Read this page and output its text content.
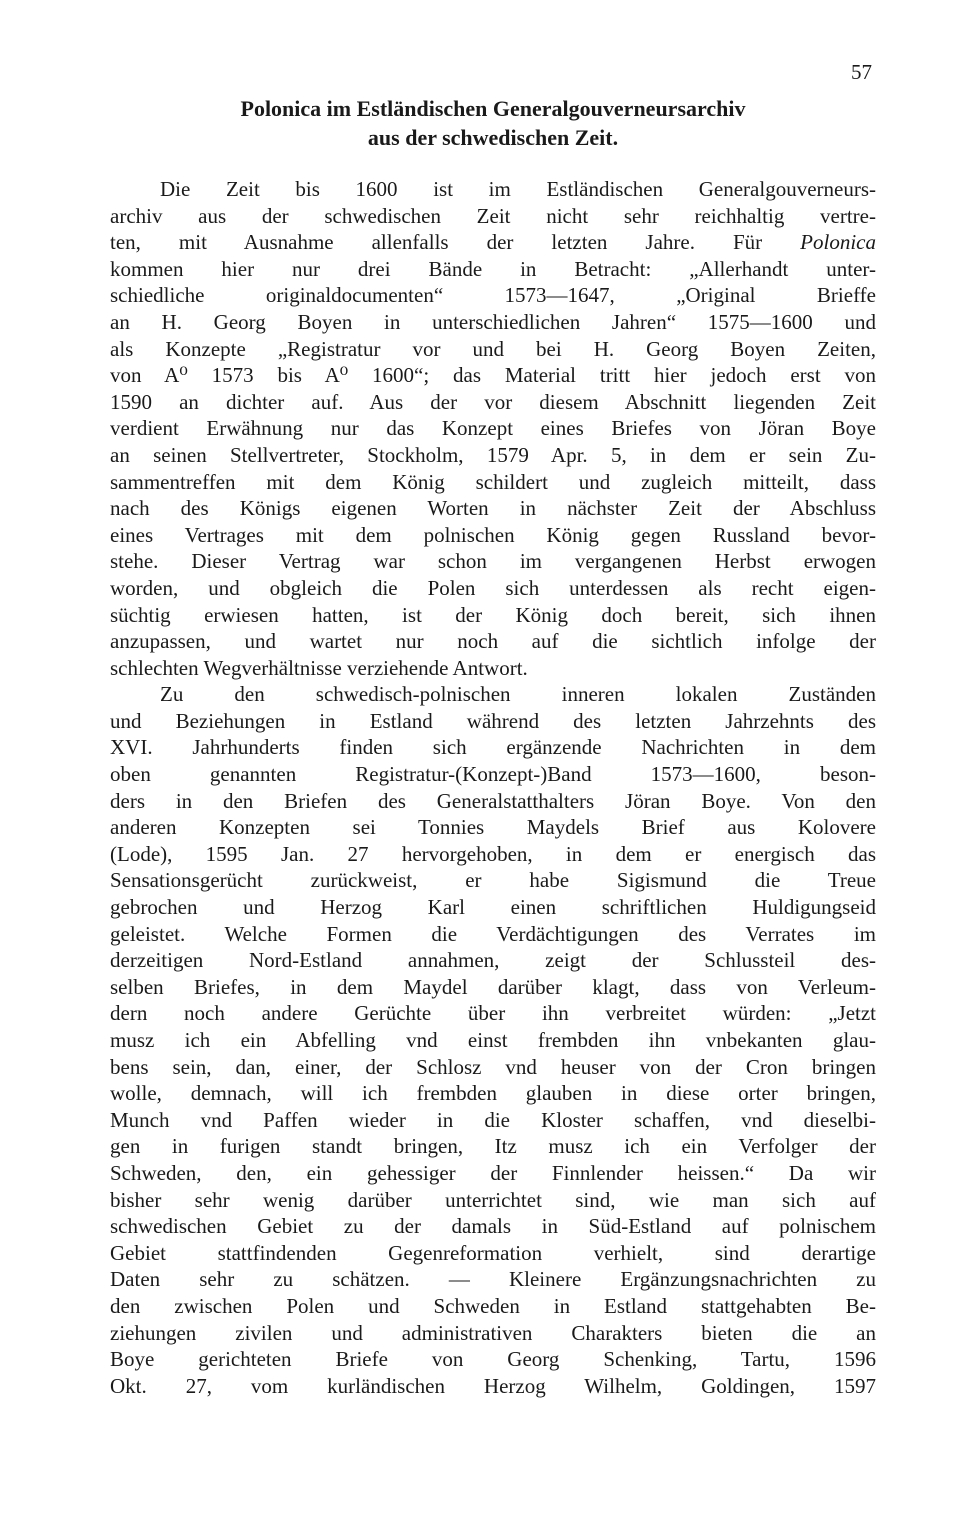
57
Polonica im Estländischen Generalgouverneursarchiv
aus der schwedischen Zeit.
Die Zeit bis 1600 ist im Estländischen Generalgouverneurs-
archiv aus der schwedischen Zeit nicht sehr reichhaltig vertre-
ten, mit Ausnahme allenfalls der letzten Jahre. Für Polonica
kommen hier nur drei Bände in Betracht: „Allerhandt unter-
schiedliche originaldocumenten“ 1573—1647, „Original Brieffe
an H. Georg Boyen in unterschiedlichen Jahren“ 1575—1600 und
als Konzepte „Registratur vor und bei H. Georg Boyen Zeiten,
von A⁰ 1573 bis A⁰ 1600“; das Material tritt hier jedoch erst von
1590 an dichter auf. Aus der vor diesem Abschnitt liegenden Zeit
verdient Erwähnung nur das Konzept eines Briefes von Jöran Boye
an seinen Stellvertreter, Stockholm, 1579 Apr. 5, in dem er sein Zu-
sammentreffen mit dem König schildert und zugleich mitteilt, dass
nach des Königs eigenen Worten in nächster Zeit der Abschluss
eines Vertrages mit dem polnischen König gegen Russland bevor-
stehe. Dieser Vertrag war schon im vergangenen Herbst erwogen
worden, und obgleich die Polen sich unterdessen als recht eigen-
süchtig erwiesen hatten, ist der König doch bereit, sich ihnen
anzupassen, und wartet nur noch auf die sichtlich infolge der
schlechten Wegverhältnisse verziehende Antwort.
Zu den schwedisch-polnischen inneren lokalen Zuständen
und Beziehungen in Estland während des letzten Jahrzehnts des
XVI. Jahrhunderts finden sich ergänzende Nachrichten in dem
oben genannten Registratur-(Konzept-)Band 1573—1600, beson-
ders in den Briefen des Generalstatthalters Jöran Boye. Von den
anderen Konzepten sei Tonnies Maydels Brief aus Kolovere
(Lode), 1595 Jan. 27 hervorgehoben, in dem er energisch das
Sensationsgerücht zurückweist, er habe Sigismund die Treue
gebrochen und Herzog Karl einen schriftlichen Huldigungseid
geleistet. Welche Formen die Verdächtigungen des Verrates im
derzeitigen Nord-Estland annahmen, zeigt der Schlussteil des-
selben Briefes, in dem Maydel darüber klagt, dass von Verleum-
dern noch andere Gerüchte über ihn verbreitet würden: „Jetzt
musz ich ein Abfelling vnd einst frembden ihn vnbekanten glau-
bens sein, dan, einer, der Schlosz vnd heuser von der Cron bringen
wolle, demnach, will ich frembden glauben in diese orter bringen,
Munch vnd Paffen wieder in die Kloster schaffen, vnd dieselbi-
gen in furigen standt bringen, Itz musz ich ein Verfolger der
Schweden, den, ein gehessiger der Finnlender heissen.“ Da wir
bisher sehr wenig darüber unterrichtet sind, wie man sich auf
schwedischen Gebiet zu der damals in Süd-Estland auf polnischem
Gebiet stattfindenden Gegenreformation verhielt, sind derartige
Daten sehr zu schätzen. — Kleinere Ergänzungsnachrichten zu
den zwischen Polen und Schweden in Estland stattgehabten Be-
ziehungen zivilen und administrativen Charakters bieten die an
Boye gerichteten Briefe von Georg Schenking, Tartu, 1596
Okt. 27, vom kurländischen Herzog Wilhelm, Goldingen, 1597
